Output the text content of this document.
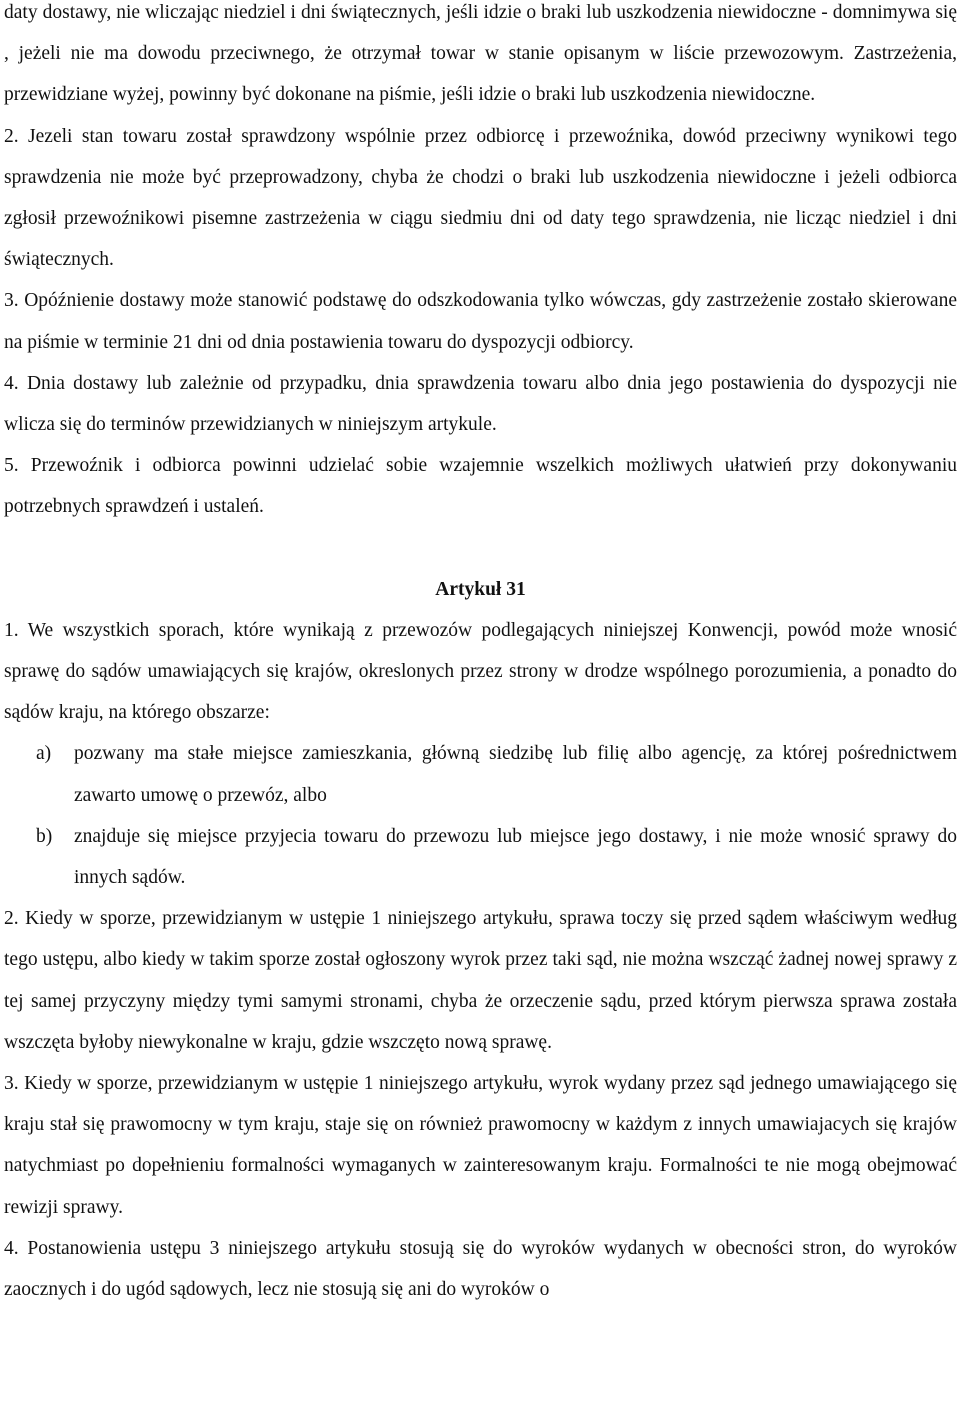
daty dostawy, nie wliczając niedziel i dni świątecznych, jeśli idzie o braki lub uszkodzenia niewidoczne - domnimywa się , jeżeli nie ma dowodu przeciwnego, że otrzymał towar w stanie opisanym w liście przewozowym. Zastrzeżenia, przewidziane wyżej, powinny być dokonane na piśmie, jeśli idzie o braki lub uszkodzenia niewidoczne.

2. Jezeli stan towaru został sprawdzony wspólnie przez odbiorcę i przewoźnika, dowód przeciwny wynikowi tego sprawdzenia nie może być przeprowadzony, chyba że chodzi o braki lub uszkodzenia niewidoczne i jeżeli odbiorca zgłosił przewoźnikowi pisemne zastrzeżenia w ciągu siedmiu dni od daty tego sprawdzenia, nie licząc niedziel i dni świątecznych.

3. Opóźnienie dostawy może stanowić podstawę do odszkodowania tylko wówczas, gdy zastrzeżenie zostało skierowane na piśmie w terminie 21 dni od dnia postawienia towaru do dyspozycji odbiorcy.

4. Dnia dostawy lub zależnie od przypadku, dnia sprawdzenia towaru albo dnia jego postawienia do dyspozycji nie wlicza się do terminów przewidzianych w niniejszym artykule.

5. Przewoźnik i odbiorca powinni udzielać sobie wzajemnie wszelkich możliwych ułatwień przy dokonywaniu potrzebnych sprawdzeń i ustaleń.

Artykuł 31

1. We wszystkich sporach, które wynikają z przewozów podlegających niniejszej Konwencji, powód może wnosić sprawę do sądów umawiających się krajów, okreslonych przez strony w drodze wspólnego porozumienia, a ponadto do sądów kraju, na którego obszarze:

a)	pozwany ma stałe miejsce zamieszkania, główną siedzibę lub filię albo agencję, za której pośrednictwem zawarto umowę o przewóz, albo
b)	znajduje się miejsce przyjecia towaru do przewozu lub miejsce jego dostawy, i nie może wnosić sprawy do innych sądów.

2. Kiedy w sporze, przewidzianym w ustępie 1 niniejszego artykułu, sprawa toczy się przed sądem właściwym według tego ustępu, albo kiedy w takim sporze został ogłoszony wyrok przez taki sąd, nie można wszcząć żadnej nowej sprawy z tej samej przyczyny między tymi samymi stronami, chyba że orzeczenie sądu, przed którym pierwsza sprawa została wszczęta byłoby niewykonalne w kraju, gdzie wszczęto nową sprawę.

3. Kiedy w sporze, przewidzianym w ustępie 1 niniejszego artykułu, wyrok wydany przez sąd jednego umawiającego się kraju stał się prawomocny w tym kraju, staje się on również prawomocny w każdym z innych umawiajacych się krajów natychmiast po dopełnieniu formalności wymaganych w zainteresowanym kraju. Formalności te nie mogą obejmować rewizji sprawy.

4. Postanowienia ustępu 3 niniejszego artykułu stosują się do wyroków wydanych w obecności stron, do wyroków zaocznych i do ugód sądowych, lecz nie stosują się ani do wyroków o
